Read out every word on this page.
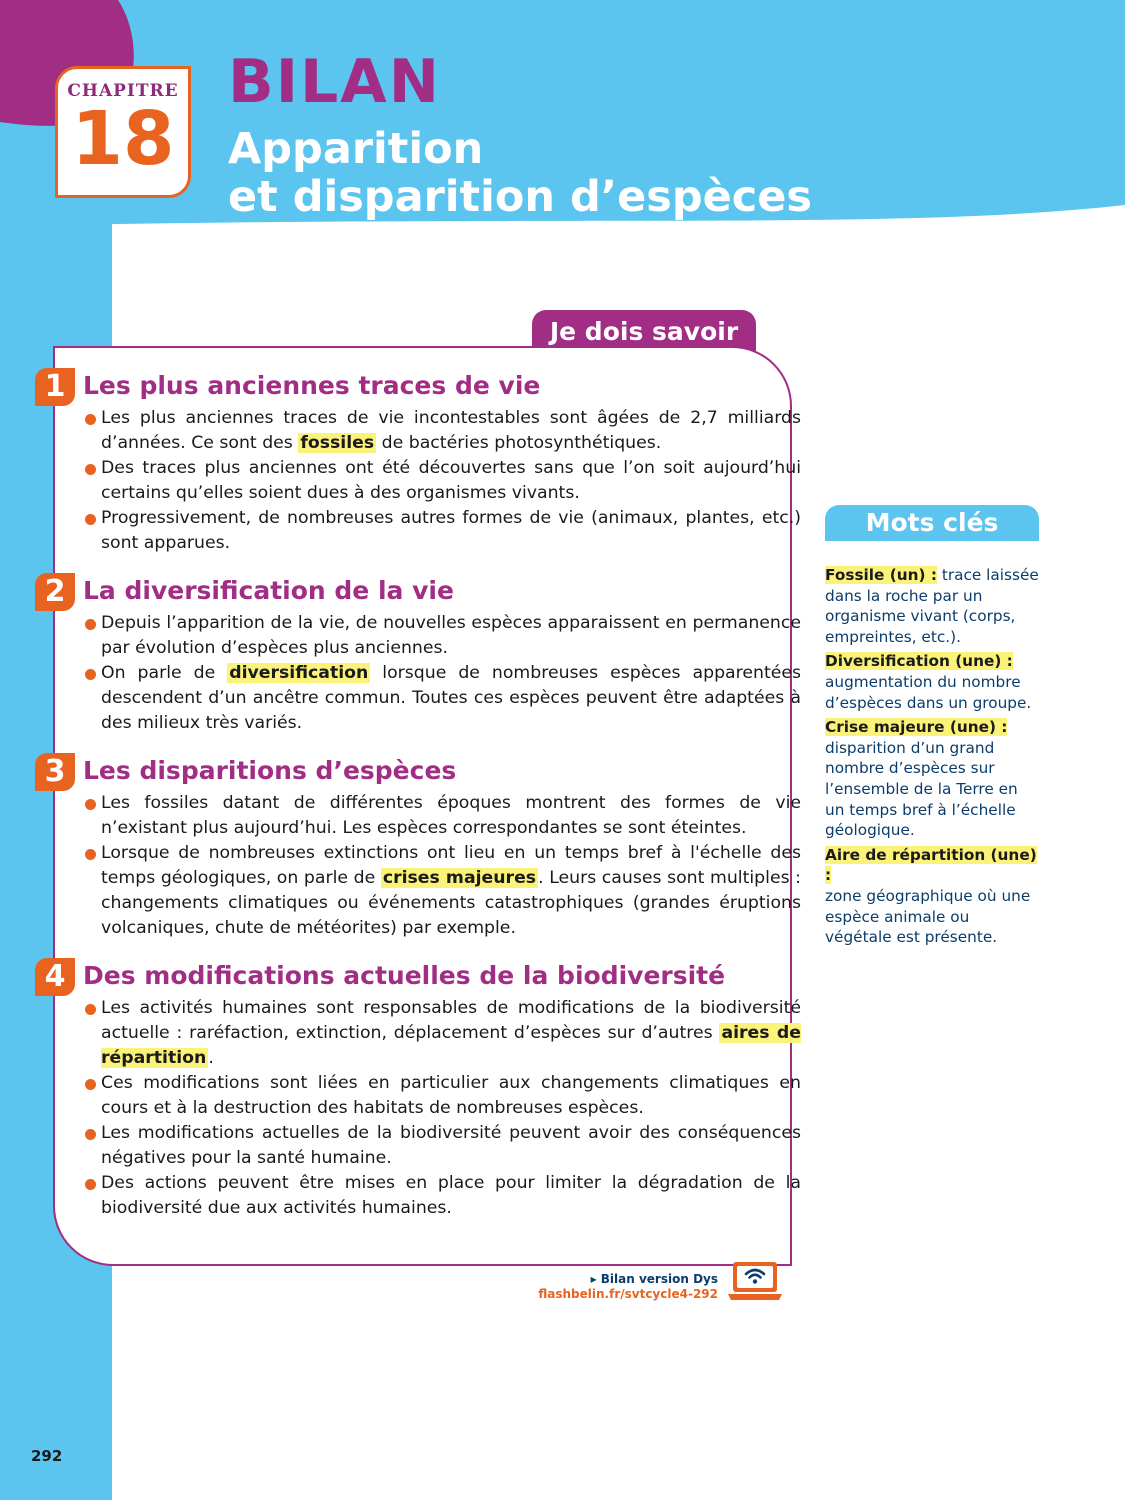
CHAPITRE
18
BILAN
Apparition
et disparition d’espèces
Je dois savoir
1 Les plus anciennes traces de vie
Les plus anciennes traces de vie incontestables sont âgées de 2,7 milliards d’années. Ce sont des fossiles de bactéries photosynthétiques.
Des traces plus anciennes ont été découvertes sans que l’on soit aujourd’hui certains qu’elles soient dues à des organismes vivants.
Progressivement, de nombreuses autres formes de vie (animaux, plantes, etc.) sont apparues.
2 La diversification de la vie
Depuis l’apparition de la vie, de nouvelles espèces apparaissent en permanence par évolution d’espèces plus anciennes.
On parle de diversification lorsque de nombreuses espèces apparentées descendent d’un ancêtre commun. Toutes ces espèces peuvent être adaptées à des milieux très variés.
3 Les disparitions d’espèces
Les fossiles datant de différentes époques montrent des formes de vie n’existant plus aujourd’hui. Les espèces correspondantes se sont éteintes.
Lorsque de nombreuses extinctions ont lieu en un temps bref à l'échelle des temps géologiques, on parle de crises majeures . Leurs causes sont multiples : changements climatiques ou événements catastrophiques (grandes éruptions volcaniques, chute de météorites) par exemple.
4 Des modifications actuelles de la biodiversité
Les activités humaines sont responsables de modifications de la biodiversité actuelle : raréfaction, extinction, déplacement d’espèces sur d’autres aires de répartition .
Ces modifications sont liées en particulier aux changements climatiques en cours et à la destruction des habitats de nombreuses espèces.
Les modifications actuelles de la biodiversité peuvent avoir des conséquences négatives pour la santé humaine.
Des actions peuvent être mises en place pour limiter la dégradation de la biodiversité due aux activités humaines.
▸ Bilan version Dys
flashbelin.fr/svtcycle4-292
Mots clés
Fossile (un) : trace laissée dans la roche par un organisme vivant (corps, empreintes, etc.).
Diversification (une) :
augmentation du nombre d’espèces dans un groupe.
Crise majeure (une) :
disparition d’un grand nombre d’espèces sur l’ensemble de la Terre en un temps bref à l’échelle géologique.
Aire de répartition (une) :
zone géographique où une espèce animale ou végétale est présente.
292
